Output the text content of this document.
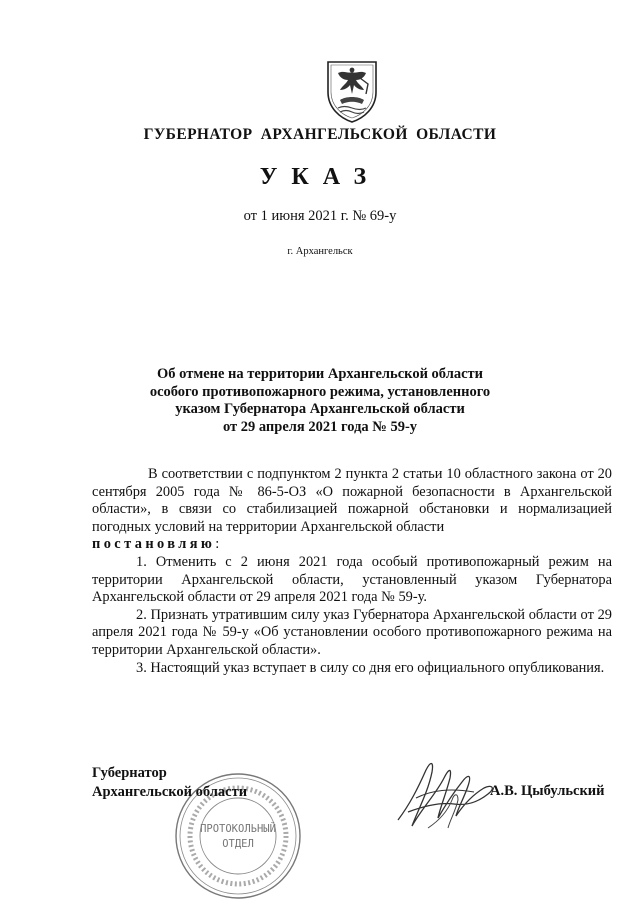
ГУБЕРНАТОР АРХАНГЕЛЬСКОЙ ОБЛАСТИ
УКАЗ
от 1 июня 2021 г. № 69-у
г. Архангельск
Об отмене на территории Архангельской области
особого противопожарного режима, установленного
указом Губернатора Архангельской области
от 29 апреля 2021 года № 59-у
В соответствии с подпунктом 2 пункта 2 статьи 10 областного закона от 20 сентября 2005 года № 86-5-ОЗ «О пожарной безопасности в Архангельской области», в связи со стабилизацией пожарной обстановки и нормализацией погодных условий на территории Архангельской области
постановляю:
1. Отменить с 2 июня 2021 года особый противопожарный режим на территории Архангельской области, установленный указом Губернатора Архангельской области от 29 апреля 2021 года № 59-у.
2. Признать утратившим силу указ Губернатора Архангельской области от 29 апреля 2021 года № 59-у «Об установлении особого противопожарного режима на территории Архангельской области».
3. Настоящий указ вступает в силу со дня его официального опубликования.
ПРОТОКОЛЬНЫЙ
ОТДЕЛ
Губернатор
Архангельской области	А.В. Цыбульский
